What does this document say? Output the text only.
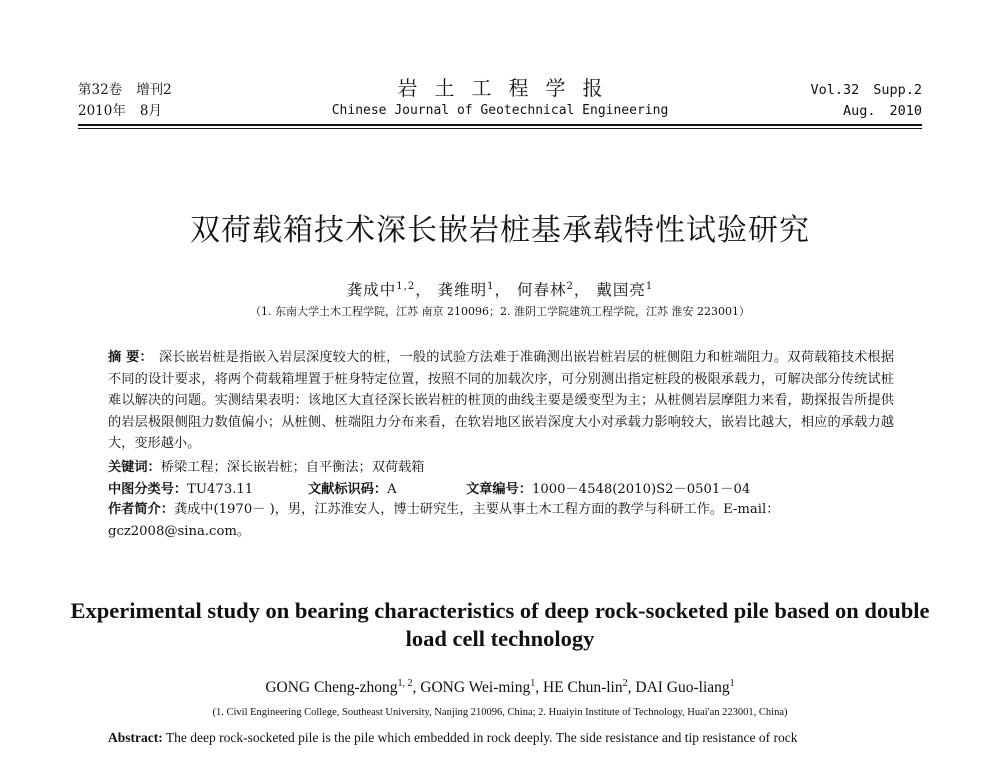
第32卷 增刊2
2010年 8月
岩土工程学报
Chinese Journal of Geotechnical Engineering
Vol.32 Supp.2
Aug. 2010
双荷载箱技术深长嵌岩桩基承载特性试验研究
龚成中$^{1,2}$， 龚维明$^1$， 何春林$^2$， 戴国亮$^1$
（1. 东南大学土木工程学院，江苏 南京 210096；2. 淮阴工学院建筑工程学院，江苏 淮安 223001）
摘 要： 深长嵌岩桩是指嵌入岩层深度较大的桩，一般的试验方法难于准确测出嵌岩桩岩层的桩侧阻力和桩端阻力。双荷载箱技术根据不同的设计要求，将两个荷载箱埋置于桩身特定位置，按照不同的加载次序，可分别测出指定桩段的极限承载力，可解决部分传统试桩难以解决的问题。实测结果表明：该地区大直径深长嵌岩桩的桩顶的曲线主要是缓变型为主；从桩侧岩层摩阻力来看，勘探报告所提供的岩层极限侧阻力数值偏小；从桩侧、桩端阻力分布来看，在软岩地区嵌岩深度大小对承载力影响较大，嵌岩比越大，相应的承载力越大，变形越小。
关键词：桥梁工程；深长嵌岩桩；自平衡法；双荷载箱
中图分类号：TU473.11	文献标识码：A	文章编号：1000－4548(2010)S2－0501－04
作者简介：龚成中(1970－ )，男，江苏淮安人，博士研究生，主要从事土木工程方面的教学与科研工作。E-mail：gcz2008@sina.com。
Experimental study on bearing characteristics of deep rock-socketed pile based on double load cell technology
GONG Cheng-zhong$^{1, 2}$, GONG Wei-ming$^1$, HE Chun-lin$^2$, DAI Guo-liang$^1$
(1. Civil Engineering College, Southeast University, Nanjing 210096, China; 2. Huaiyin Institute of Technology, Huai'an 223001, China)
Abstract: The deep rock-socketed pile is the pile which embedded in rock deeply. The side resistance and tip resistance of rock
